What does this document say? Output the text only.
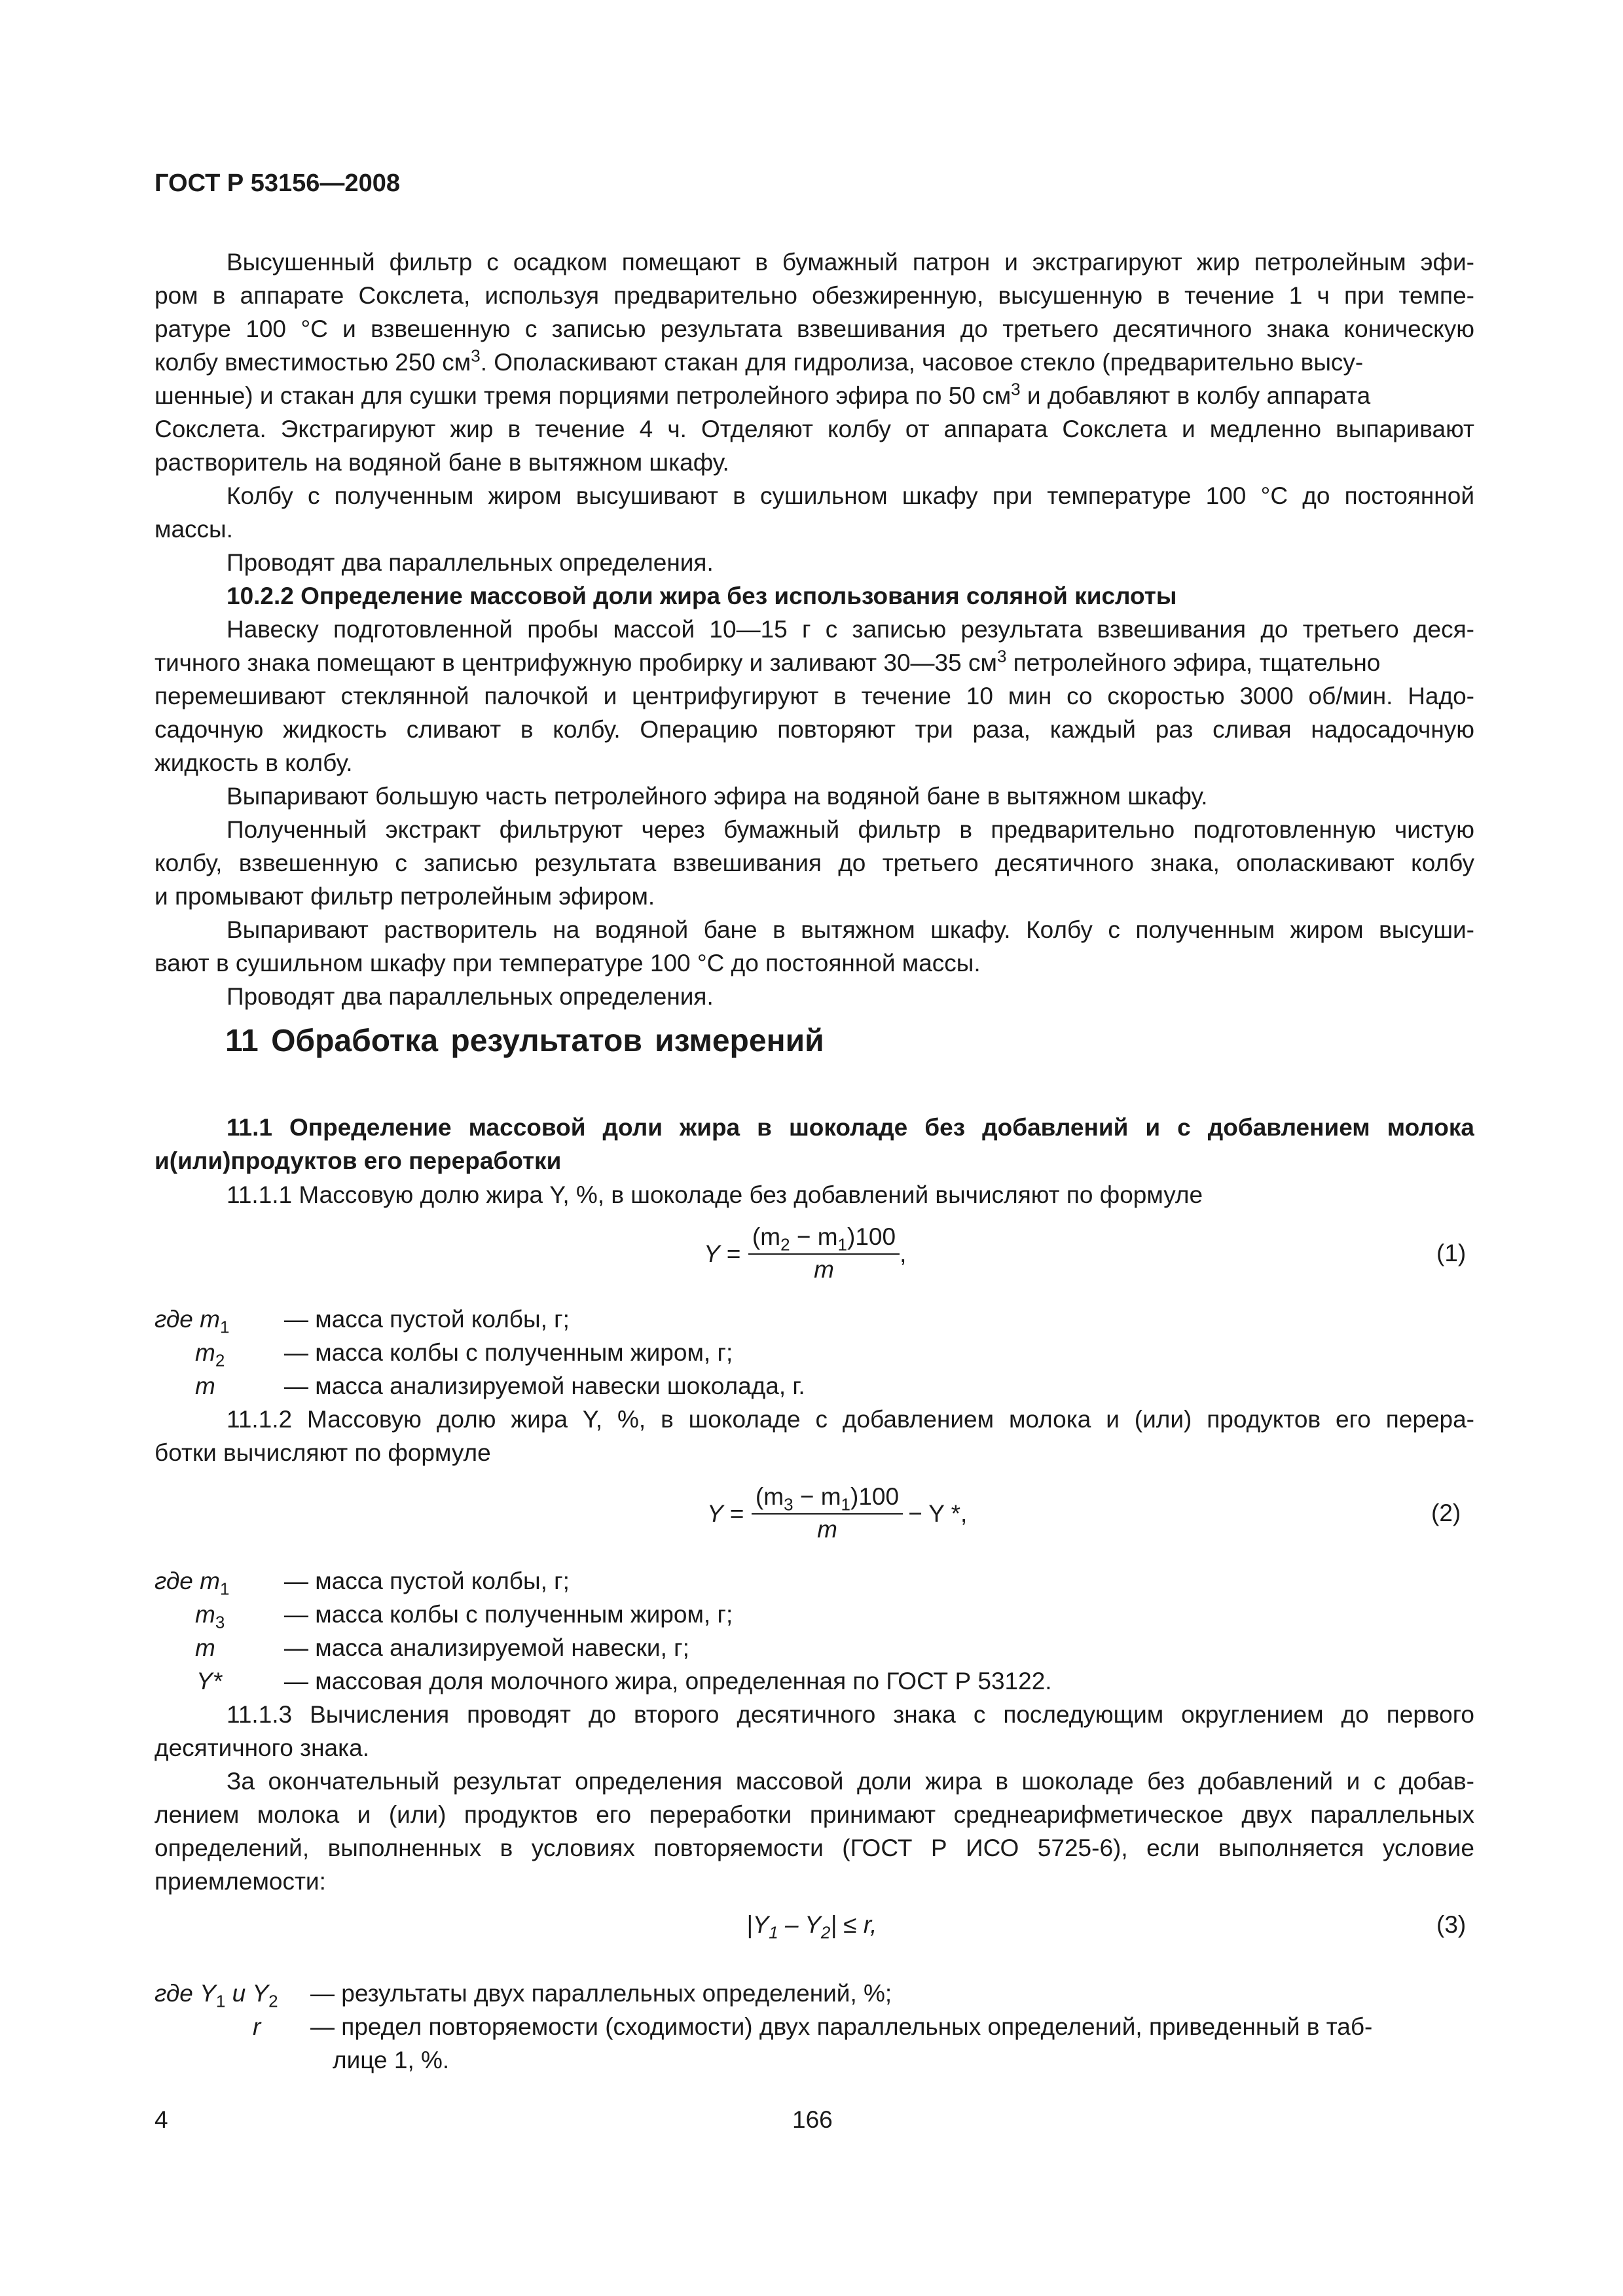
ГОСТ Р 53156—2008
Высушенный фильтр с осадком помещают в бумажный патрон и экстрагируют жир петролейным эфи-
ром в аппарате Сокслета, используя предварительно обезжиренную, высушенную в течение 1 ч при темпе-
ратуре 100 °С и взвешенную с записью результата взвешивания до третьего десятичного знака коническую
колбу вместимостью 250 $см^3$. Ополаскивают стакан для гидролиза, часовое стекло (предварительно высу-
шенные) и стакан для сушки тремя порциями петролейного эфира по 50 $см^3$ и добавляют в колбу аппарата
Сокслета. Экстрагируют жир в течение 4 ч. Отделяют колбу от аппарата Сокслета и медленно выпаривают
растворитель на водяной бане в вытяжном шкафу.
Колбу с полученным жиром высушивают в сушильном шкафу при температуре 100 °С до постоянной
массы.
Проводят два параллельных определения.
10.2.2 Определение массовой доли жира без использования соляной кислоты
Навеску подготовленной пробы массой 10—15 г с записью результата взвешивания до третьего деся-
тичного знака помещают в центрифужную пробирку и заливают 30—35 $см^3$ петролейного эфира, тщательно
перемешивают стеклянной палочкой и центрифугируют в течение 10 мин со скоростью 3000 об/мин. Надо-
садочную жидкость сливают в колбу. Операцию повторяют три раза, каждый раз сливая надосадочную
жидкость в колбу.
Выпаривают большую часть петролейного эфира на водяной бане в вытяжном шкафу.
Полученный экстракт фильтруют через бумажный фильтр в предварительно подготовленную чистую
колбу, взвешенную с записью результата взвешивания до третьего десятичного знака, ополаскивают колбу
и промывают фильтр петролейным эфиром.
Выпаривают растворитель на водяной бане в вытяжном шкафу. Колбу с полученным жиром высуши-
вают в сушильном шкафу при температуре 100 °С до постоянной массы.
Проводят два параллельных определения.
11 Обработка результатов измерений
11.1 Определение массовой доли жира в шоколаде без добавлений и с добавлением молока
и(или)продуктов его переработки
11.1.1 Массовую долю жира Y, %, в шоколаде без добавлений вычисляют по формуле
$Y = \frac{(m_2 - m_1)100}{m}$ ,	(1)
где $m_1$ — масса пустой колбы, г;
$m_2$ — масса колбы с полученным жиром, г;
m	— масса анализируемой навески шоколада, г.
11.1.2 Массовую долю жира Y, %, в шоколаде с добавлением молока и (или) продуктов его перера-
ботки вычисляют по формуле
$Y = \frac{(m_3 - m_1)100}{m} - Y$ *,	(2)
где $m_1$ — масса пустой колбы, г;
$m_3$ — масса колбы с полученным жиром, г;
m	— масса анализируемой навески, г;
Y*	— массовая доля молочного жира, определенная по ГОСТ Р 53122.
11.1.3 Вычисления проводят до второго десятичного знака с последующим округлением до первого
десятичного знака.
За окончательный результат определения массовой доли жира в шоколаде без добавлений и с добав-
лением молока и (или) продуктов его переработки принимают среднеарифметическое двух параллельных
определений, выполненных в условиях повторяемости (ГОСТ Р ИСО 5725-6), если выполняется условие
приемлемости:
$|Y_1 - Y_2| \le r$,	(3)
где $Y_1$ и $Y_2$ — результаты двух параллельных определений, %;
r — предел повторяемости (сходимости) двух параллельных определений, приведенный в таб-
лице 1, %.
4	166
